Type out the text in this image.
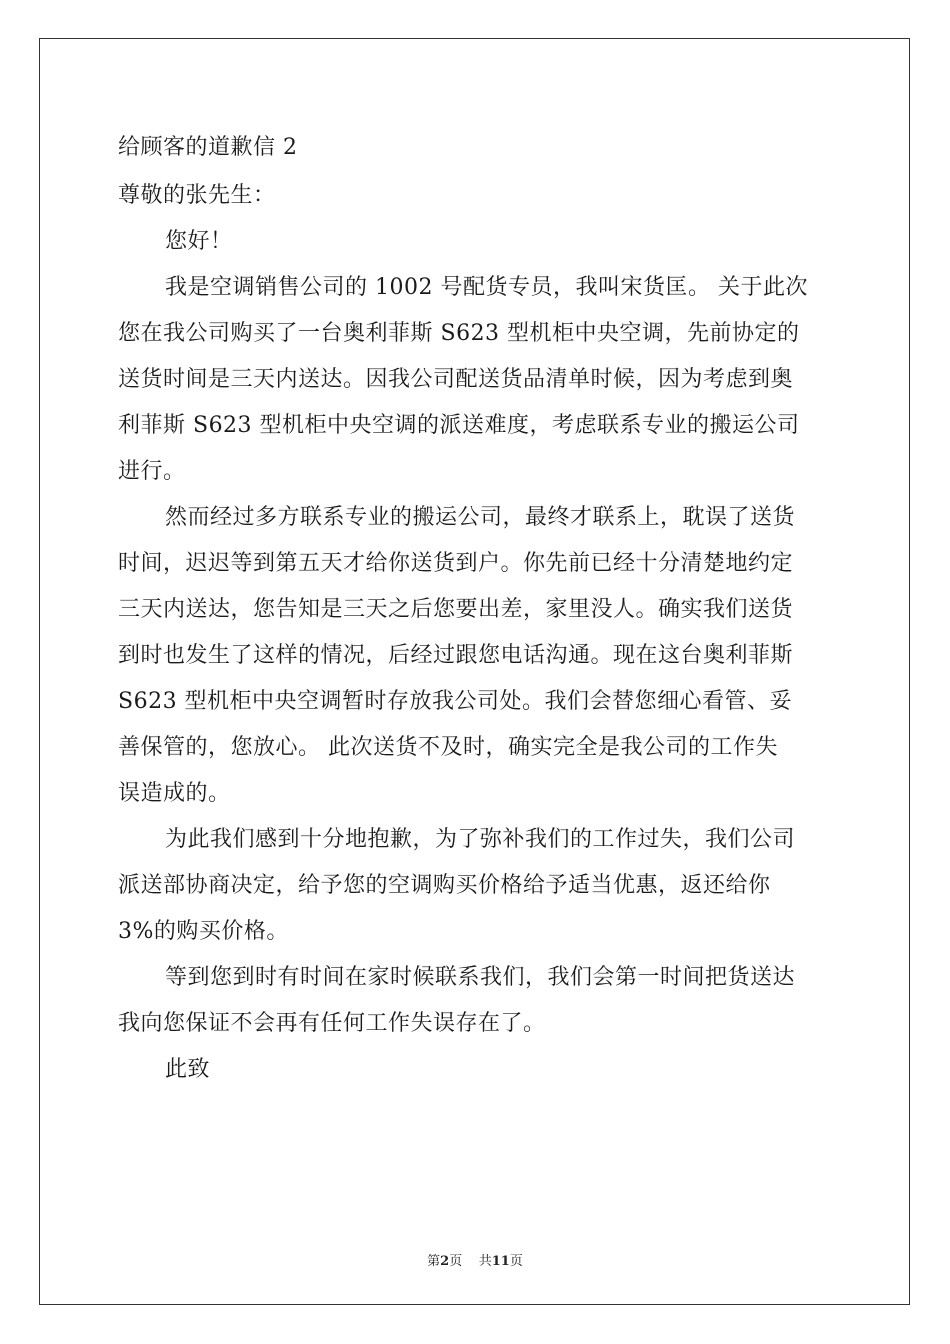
给顾客的道歉信 2
尊敬的张先生：
您好！
我是空调销售公司的 1002 号配货专员，我叫宋货匡。 关于此次
您在我公司购买了一台奥利菲斯 S623 型机柜中央空调，先前协定的
送货时间是三天内送达。因我公司配送货品清单时候，因为考虑到奥
利菲斯 S623 型机柜中央空调的派送难度，考虑联系专业的搬运公司
进行。
然而经过多方联系专业的搬运公司，最终才联系上，耽误了送货
时间，迟迟等到第五天才给你送货到户。你先前已经十分清楚地约定
三天内送达，您告知是三天之后您要出差，家里没人。确实我们送货
到时也发生了这样的情况，后经过跟您电话沟通。现在这台奥利菲斯
S623 型机柜中央空调暂时存放我公司处。我们会替您细心看管、妥
善保管的，您放心。 此次送货不及时，确实完全是我公司的工作失
误造成的。
为此我们感到十分地抱歉，为了弥补我们的工作过失，我们公司
派送部协商决定，给予您的空调购买价格给予适当优惠，返还给你
3%的购买价格。
等到您到时有时间在家时候联系我们，我们会第一时间把货送达
我向您保证不会再有任何工作失误存在了。
此致
第2页 共11页
